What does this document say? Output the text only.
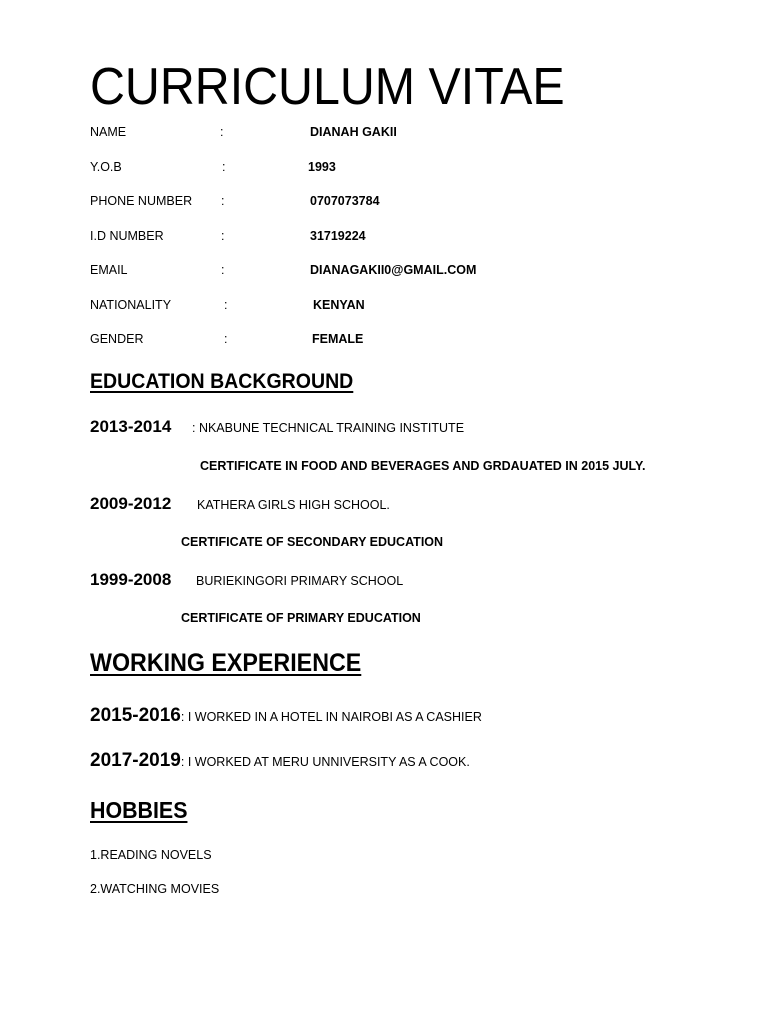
CURRICULUM VITAE
NAME	:	DIANAH GAKII
Y.O.B	:	1993
PHONE NUMBER :	0707073784
I.D NUMBER	:	31719224
EMAIL	:	DIANAGAKII0@GMAIL.COM
NATIONALITY	:	KENYAN
GENDER	:	FEMALE
EDUCATION BACKGROUND
2013-2014 : NKABUNE TECHNICAL TRAINING INSTITUTE
CERTIFICATE IN FOOD AND BEVERAGES AND GRDAUATED IN 2015 JULY.
2009-2012 KATHERA GIRLS HIGH SCHOOL.
CERTIFICATE OF SECONDARY EDUCATION
1999-2008 BURIEKINGORI PRIMARY SCHOOL
CERTIFICATE OF PRIMARY EDUCATION
WORKING EXPERIENCE
2015-2016: I WORKED IN A HOTEL IN NAIROBI AS A CASHIER
2017-2019: I WORKED AT MERU UNNIVERSITY AS A COOK.
HOBBIES
1.READING NOVELS
2.WATCHING MOVIES
